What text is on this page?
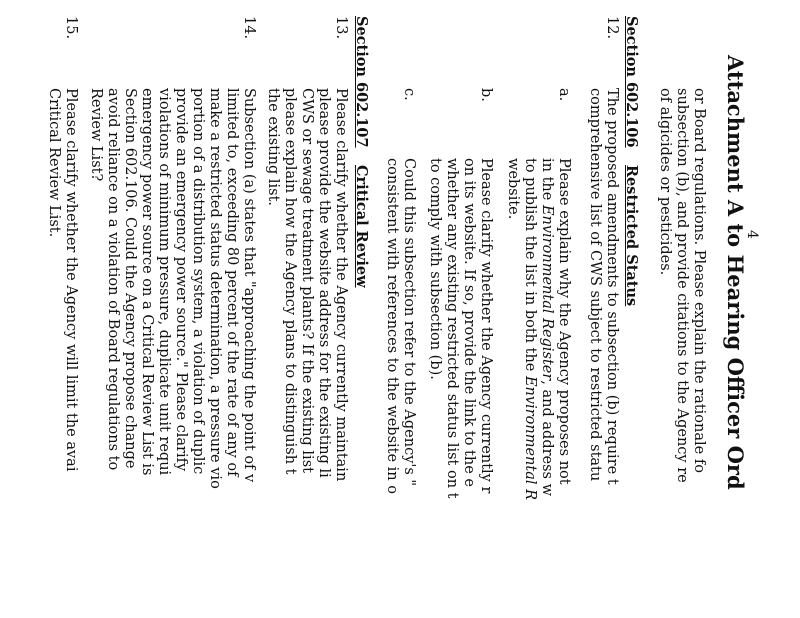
4
Attachment A to Hearing Officer Ord
or Board regulations. Please explain the rationale fo
subsection (b), and provide citations to the Agency re
of algicides or pesticides.
Section 602.106
Restricted Status
12.
The proposed amendments to subsection (b) require t
comprehensive list of CWS subject to restricted statu
a.
Please explain why the Agency proposes not
in the Environmental Register, and address w
to publish the list in both the Environmental R
website.
b.
Please clarify whether the Agency currently r
on its website. If so, provide the link to the e
whether any existing restricted status list on t
to comply with subsection (b).
c.
Could this subsection refer to the Agency's "
consistent with references to the website in o
Section 602.107
Critical Review
13.
Please clarify whether the Agency currently maintain
please provide the website address for the existing li
CWS or sewage treatment plants? If the existing list
please explain how the Agency plans to distinguish t
the existing list.
14.
Subsection (a) states that "approaching the point of v
limited to, exceeding 80 percent of the rate of any of
make a restricted status determination, a pressure vio
portion of a distribution system, a violation of duplic
provide an emergency power source." Please clarify
violations of minimum pressure, duplicate unit requi
emergency power source on a Critical Review List is
Section 602.106. Could the Agency propose change
avoid reliance on a violation of Board regulations to
Review List?
15.
Please clarify whether the Agency will limit the avai
Critical Review List.
